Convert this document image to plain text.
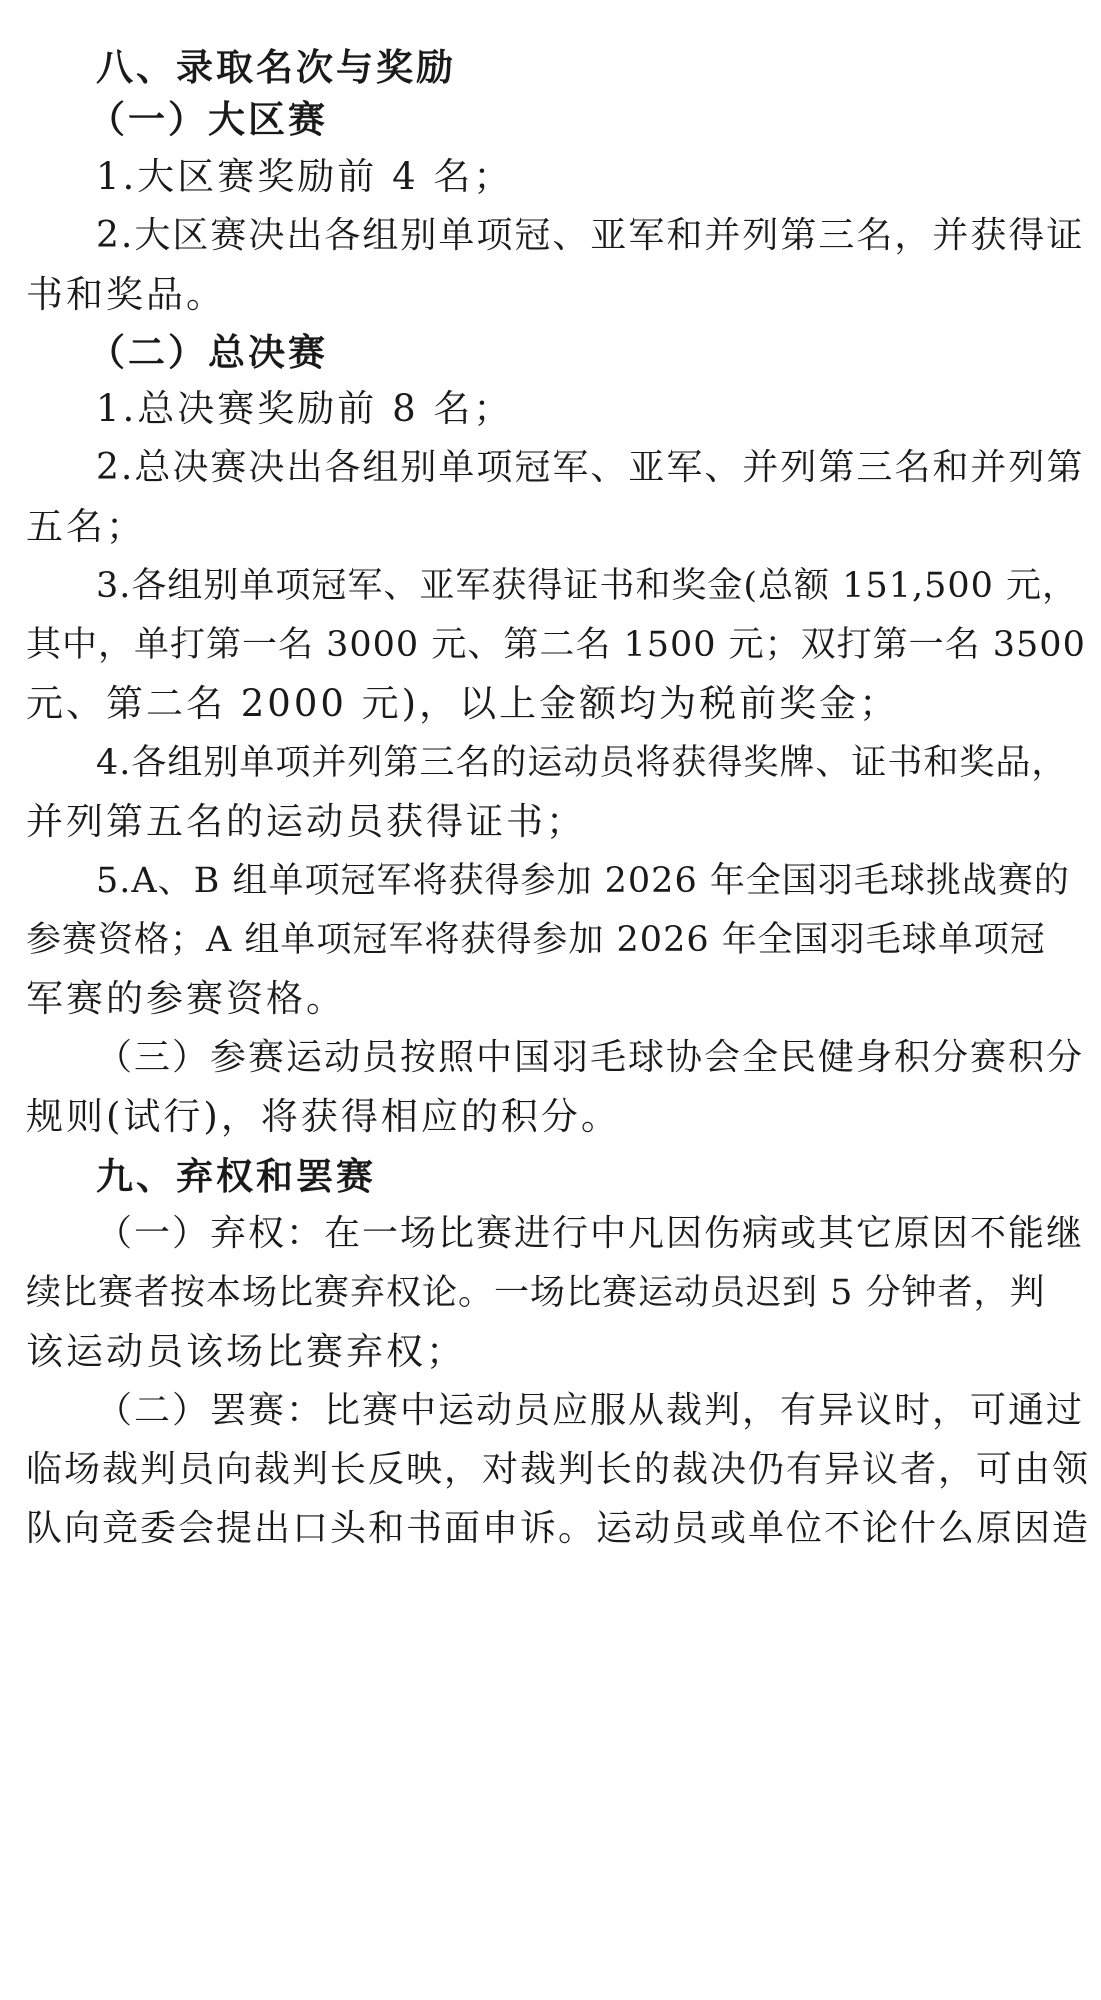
八、录取名次与奖励
（一）大区赛
1.大区赛奖励前 4 名；
2.大区赛决出各组别单项冠、亚军和并列第三名，并获得证
书和奖品。
（二）总决赛
1.总决赛奖励前 8 名；
2.总决赛决出各组别单项冠军、亚军、并列第三名和并列第
五名；
3.各组别单项冠军、亚军获得证书和奖金(总额 151,500 元，
其中，单打第一名 3000 元、第二名 1500 元；双打第一名 3500
元、第二名 2000 元)，以上金额均为税前奖金；
4.各组别单项并列第三名的运动员将获得奖牌、证书和奖品，
并列第五名的运动员获得证书；
5.A、B 组单项冠军将获得参加 2026 年全国羽毛球挑战赛的
参赛资格；A 组单项冠军将获得参加 2026 年全国羽毛球单项冠
军赛的参赛资格。
（三）参赛运动员按照中国羽毛球协会全民健身积分赛积分
规则(试行)，将获得相应的积分。
九、弃权和罢赛
（一）弃权：在一场比赛进行中凡因伤病或其它原因不能继
续比赛者按本场比赛弃权论。一场比赛运动员迟到 5 分钟者，判
该运动员该场比赛弃权；
（二）罢赛：比赛中运动员应服从裁判，有异议时，可通过
临场裁判员向裁判长反映，对裁判长的裁决仍有异议者，可由领
队向竞委会提出口头和书面申诉。运动员或单位不论什么原因造
